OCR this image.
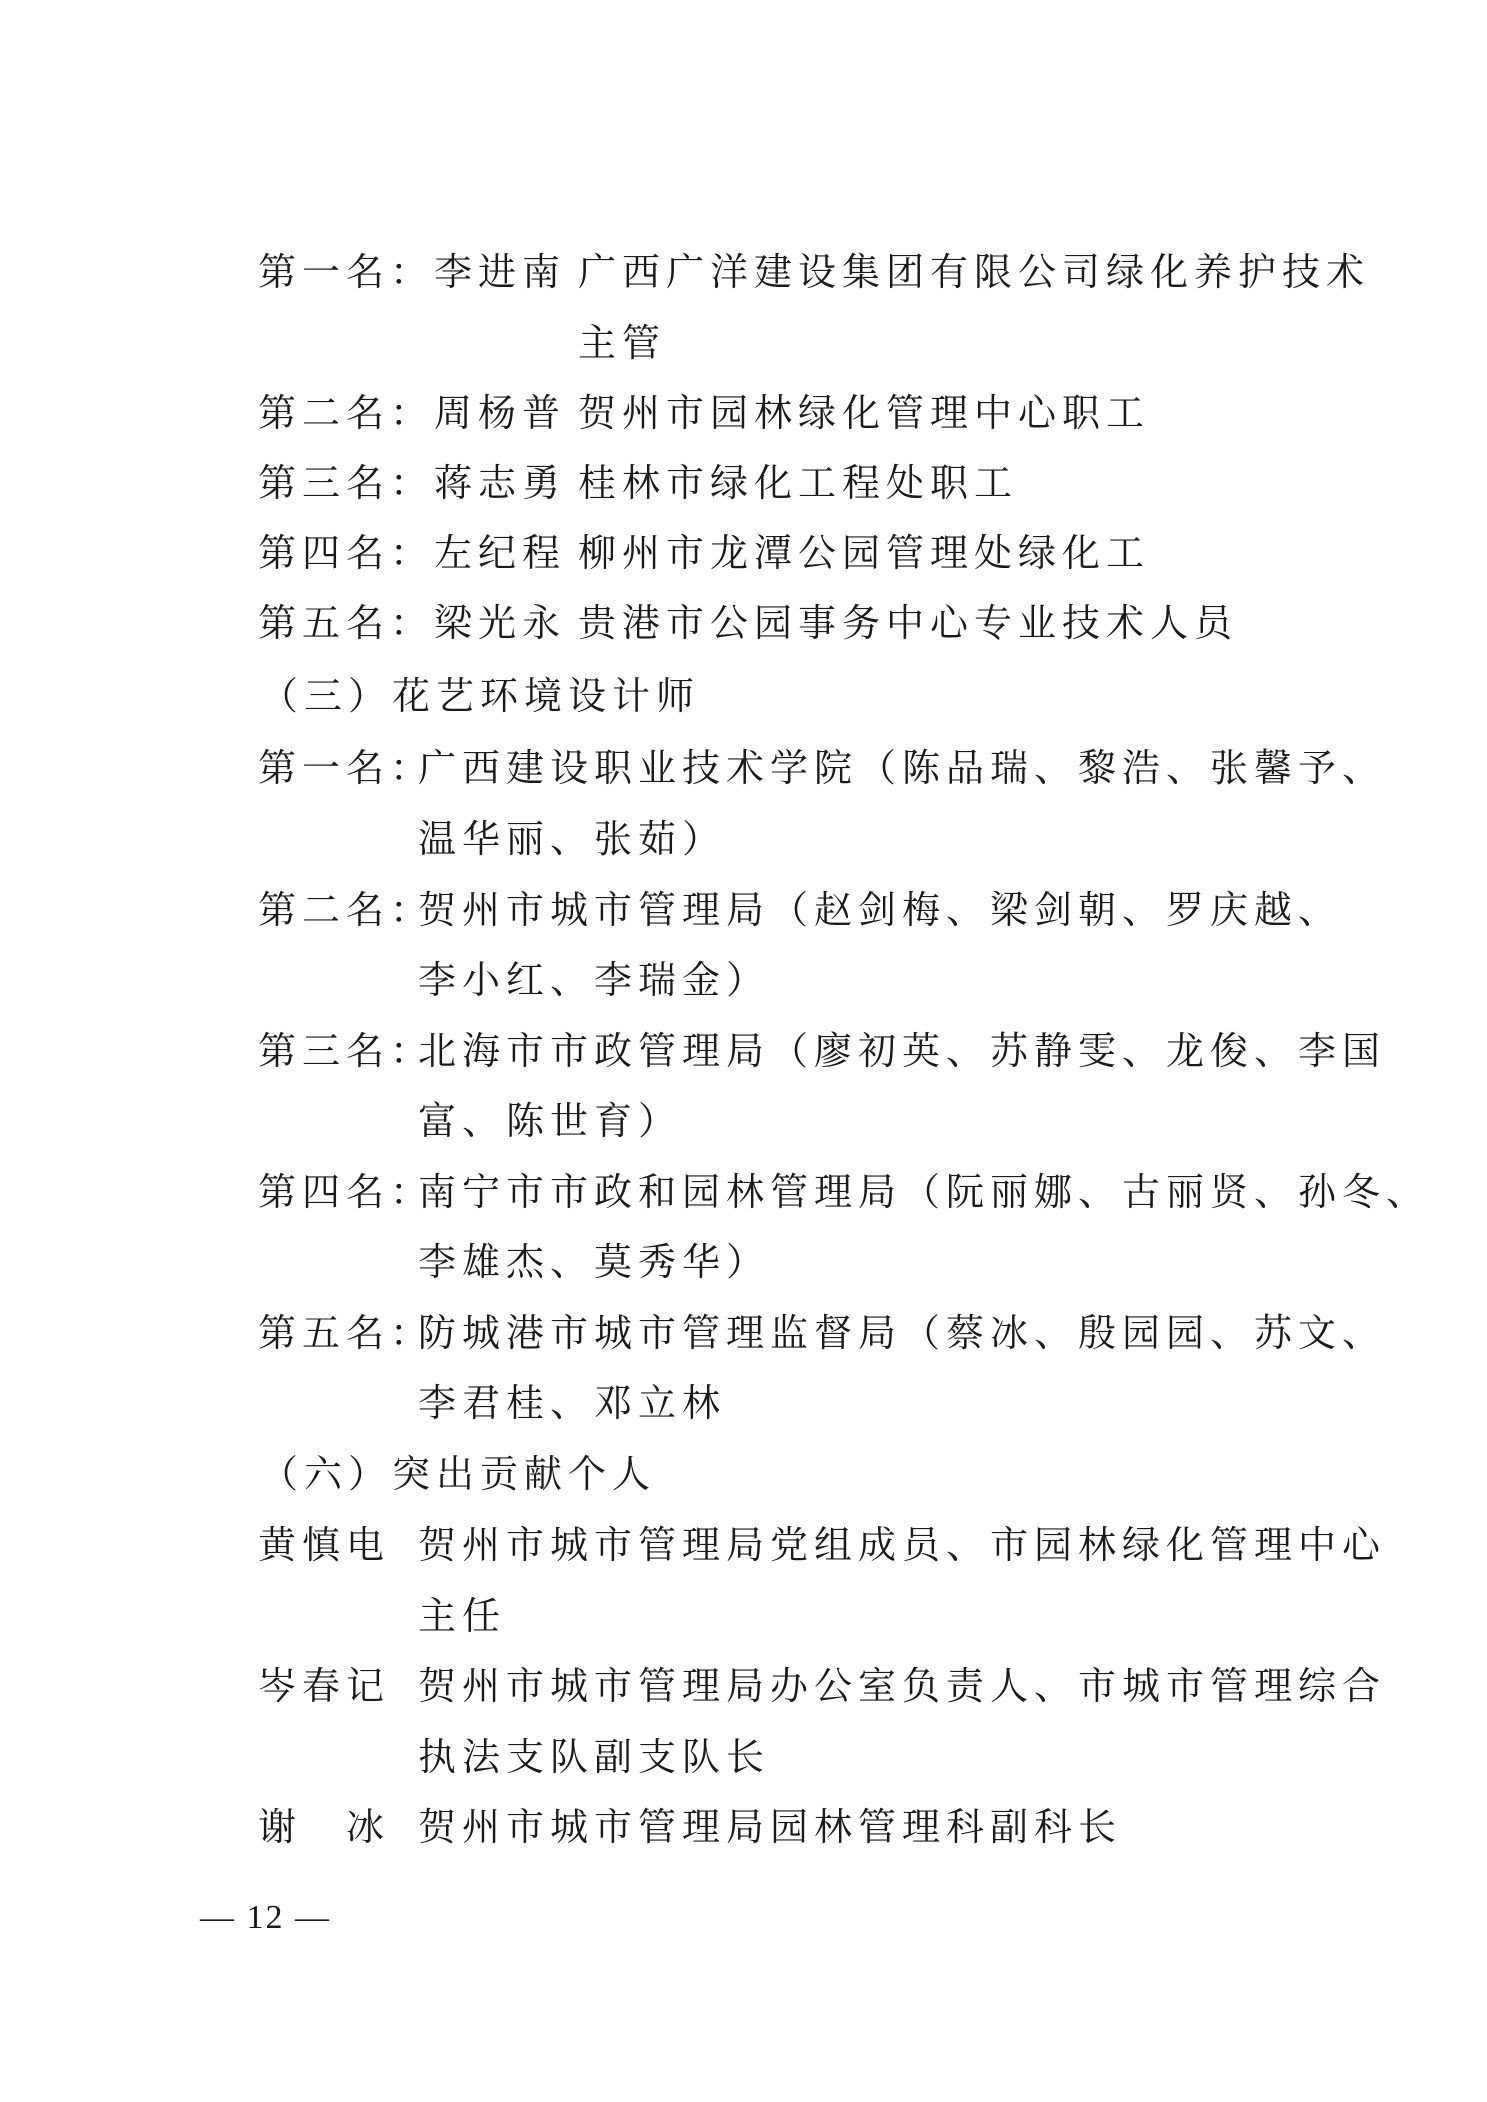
第一名：李进南 广西广洋建设集团有限公司绿化养护技术
主管
第二名：周杨普 贺州市园林绿化管理中心职工
第三名：蒋志勇 桂林市绿化工程处职工
第四名：左纪程 柳州市龙潭公园管理处绿化工
第五名：梁光永 贵港市公园事务中心专业技术人员
（三）花艺环境设计师
第一名：
广西建设职业技术学院（陈品瑞、黎浩、张馨予、
温华丽、张茹）
第二名：
贺州市城市管理局（赵剑梅、梁剑朝、罗庆越、
李小红、李瑞金）
第三名：
北海市市政管理局（廖初英、苏静雯、龙俊、李国
富、陈世育）
第四名：
南宁市市政和园林管理局（阮丽娜、古丽贤、孙冬、
李雄杰、莫秀华）
第五名：
防城港市城市管理监督局（蔡冰、殷园园、苏文、
李君桂、邓立林
（六）突出贡献个人
黄慎电 贺州市城市管理局党组成员、市园林绿化管理中心
主任
岑春记 贺州市城市管理局办公室负责人、市城市管理综合
执法支队副支队长
谢　冰 贺州市城市管理局园林管理科副科长
— 12 —
